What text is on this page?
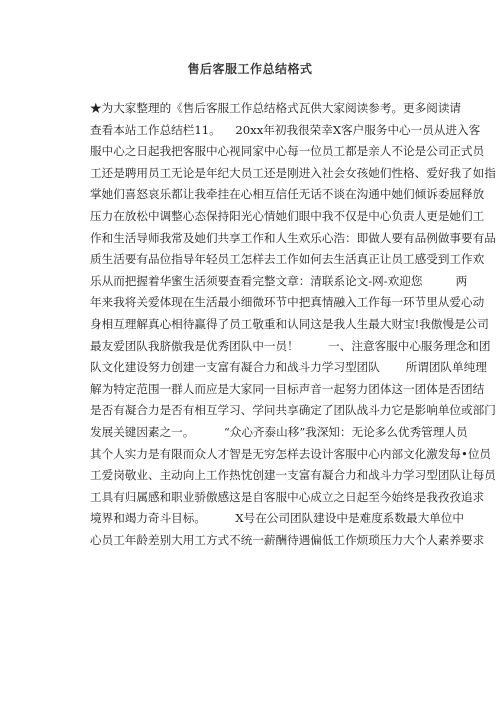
售后客服工作总结格式
★为大家整理的《售后客服工作总结格式瓦供大家阅读参考。更多阅读请
查看本站工作总结栏11。    20xx年初我很荣幸X客户服务中心一员从进入客
服中心之日起我把客服中心视同家中心每一位员工都是亲人不论是公司正式员
工还是聘用员工无论是年纪大员工还是刚进入社会女孩她们性格、爱好我了如指
掌她们喜怒哀乐都让我牵挂在心相互信任无话不谈在沟通中她们倾诉委屈释放
压力在放松中调整心态保持阳光心情她们眼中我不仅是中心负责人更是她们工
作和生活导师我常及她们共享工作和人生欢乐心浩：即做人要有品例做事要有品
质生活要有品位指导年轻员工怎样去工作如何去生活真正让员工感受到工作欢
乐从而把握着华蜜生活须要查看完整文章：清联系论文-网-欢迎您         两
年来我将关爱体现在生活最小细微环节中把真情融入工作每一环节里从爱心动
身相互理解真心相待赢得了员工敬重和认同这是我人生最大财宝!我傲慢是公司
最友爱团队我脐傲我是优秀团队中一员！        一、注意客服中心服务理念和团
队文化建设努力创建一支富有凝合力和战斗力学习型团队       所谓团队单纯理
解为特定范围一群人而应是大家同一目标声音一起努力团体这一团体是否团结
是否有凝合力是否有相互学习、学问共享确定了团队战斗力它是影响单位或部门
发展关键因素之一。        “众心齐泰山移”我深知：无论多么优秀管理人员
其个人实力是有限而众人才智是无穷怎样去设计客服中心内部文化激发每•位员
工爱岗敬业、主动向上工作热忱创建一支富有凝合力和战斗力学习型团队让每员
工具有归属感和职业骄傲感这是自客服中心成立之日起至今始终是我孜孜追求
境界和竭力奇斗目标。        X号在公司团队建设中是难度系数最大单位中
心员工年龄差别大用工方式不统一薪酬待遇偏低工作烦琐压力大个人素养要求
